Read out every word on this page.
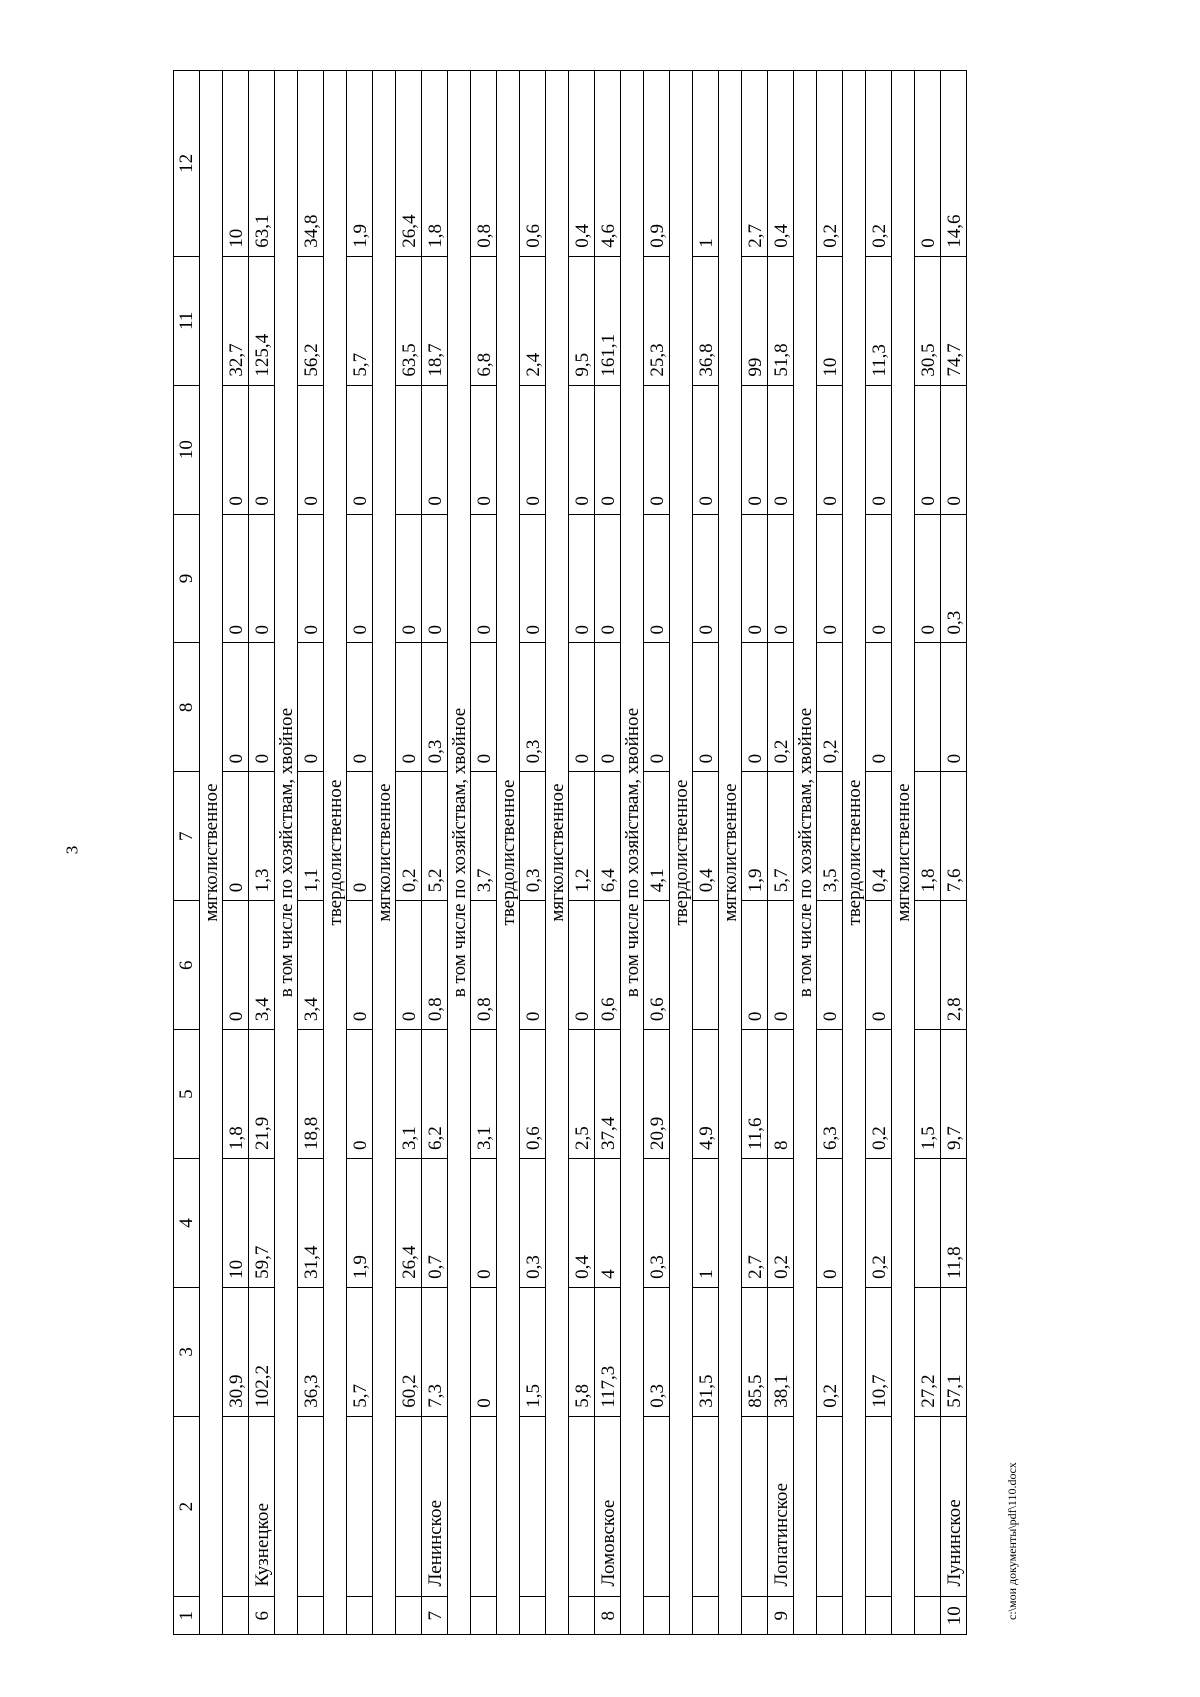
3
1	2	3	4	5	6	7	8	9	10	11	12
мягколиственное											
		30,9	10	1,8	0	0	0	0	0	32,7	10
6	Кузнецкое	102,2	59,7	21,9	3,4	1,3	0	0	0	125,4	63,1
в том числе по хозяйствам, хвойное											
		36,3	31,4	18,8	3,4	1,1	0	0	0	56,2	34,8
твердолиственное											
		5,7	1,9	0	0	0	0	0	0	5,7	1,9
мягколиственное											
		60,2	26,4	3,1	0	0,2	0	0		63,5	26,4
7	Ленинское	7,3	0,7	6,2	0,8	5,2	0,3	0	0	18,7	1,8
в том числе по хозяйствам, хвойное											
		0	0	3,1	0,8	3,7	0	0	0	6,8	0,8
твердолиственное											
		1,5	0,3	0,6	0	0,3	0,3	0	0	2,4	0,6
мягколиственное											
		5,8	0,4	2,5	0	1,2	0	0	0	9,5	0,4
8	Ломовское	117,3	4	37,4	0,6	6,4	0	0	0	161,1	4,6
в том числе по хозяйствам, хвойное											
		0,3	0,3	20,9	0,6	4,1	0	0	0	25,3	0,9
твердолиственное											
		31,5	1	4,9		0,4	0	0	0	36,8	1
мягколиственное											
		85,5	2,7	11,6	0	1,9	0	0	0	99	2,7
9	Лопатинское	38,1	0,2	8	0	5,7	0,2	0	0	51,8	0,4
в том числе по хозяйствам, хвойное											
		0,2	0	6,3	0	3,5	0,2	0	0	10	0,2
твердолиственное											
		10,7	0,2	0,2	0	0,4	0	0	0	11,3	0,2
мягколиственное											
		27,2		1,5		1,8		0	0	30,5	0
10	Лунинское	57,1	11,8	9,7	2,8	7,6	0	0,3	0	74,7	14,6
c:\мои документы\pdf\110.docx
